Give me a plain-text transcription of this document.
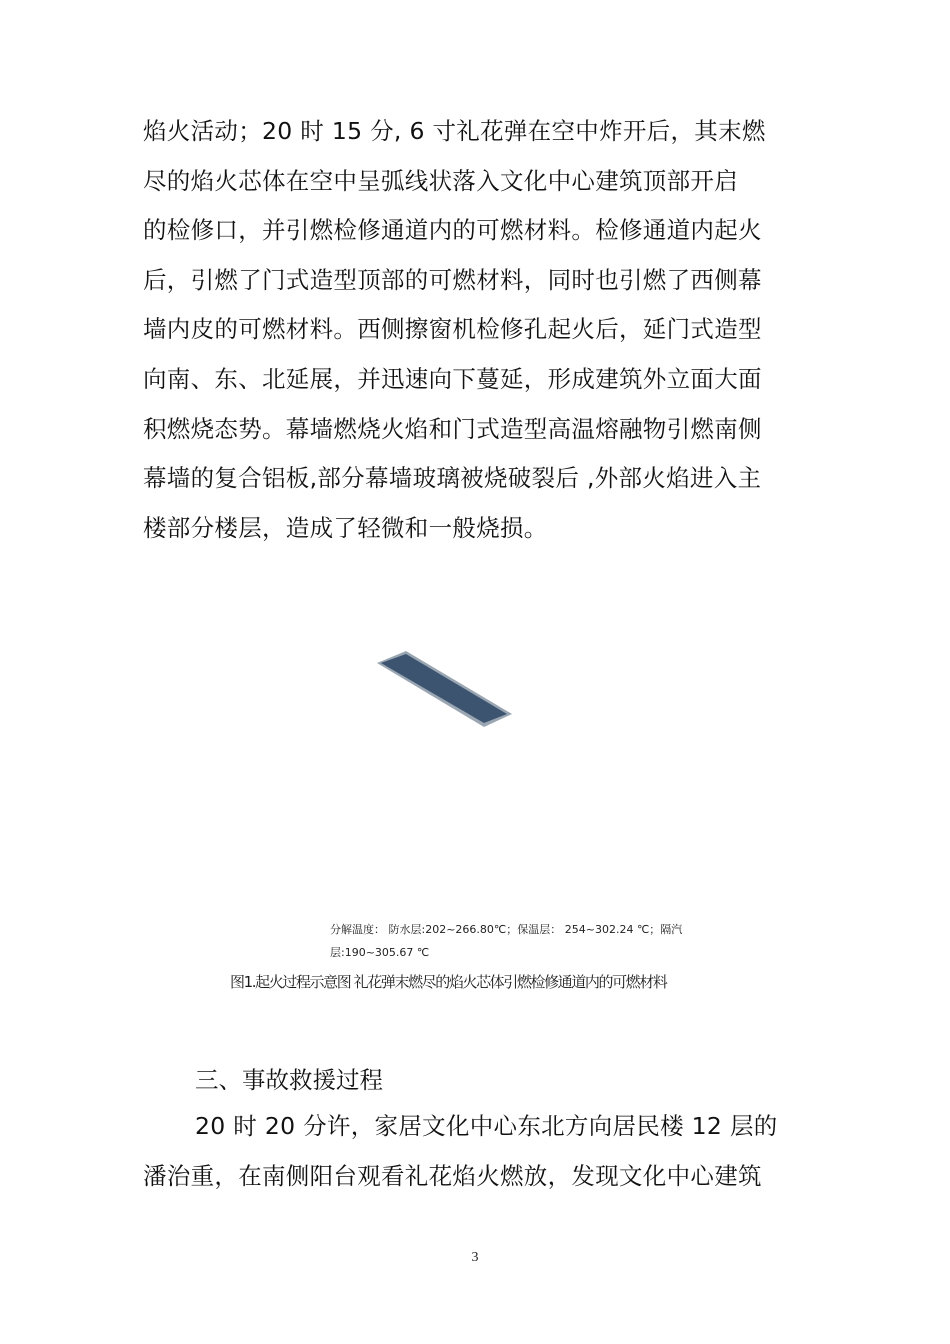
焰火活动；20 时 15 分, 6 寸礼花弹在空中炸开后，其末燃
尽的焰火芯体在空中呈弧线状落入文化中心建筑顶部开启
的检修口，并引燃检修通道内的可燃材料。检修通道内起火
后，引燃了门式造型顶部的可燃材料，同时也引燃了西侧幕
墙内皮的可燃材料。西侧擦窗机检修孔起火后，延门式造型
向南、东、北延展，并迅速向下蔓延，形成建筑外立面大面
积燃烧态势。幕墙燃烧火焰和门式造型高温熔融物引燃南侧
幕墙的复合铝板,部分幕墙玻璃被烧破裂后 ,外部火焰进入主
楼部分楼层，造成了轻微和一般烧损。
分解温度： 防水层:202~266.80℃；保温层： 254~302.24 ℃；隔汽
层:190~305.67 ℃

图1.起火过程示意图 礼花弹末燃尽的焰火芯体引燃检修通道内的可燃材料

三、事故救援过程

20 时 20 分许，家居文化中心东北方向居民楼 12 层的
潘治重，在南侧阳台观看礼花焰火燃放，发现文化中心建筑
3
